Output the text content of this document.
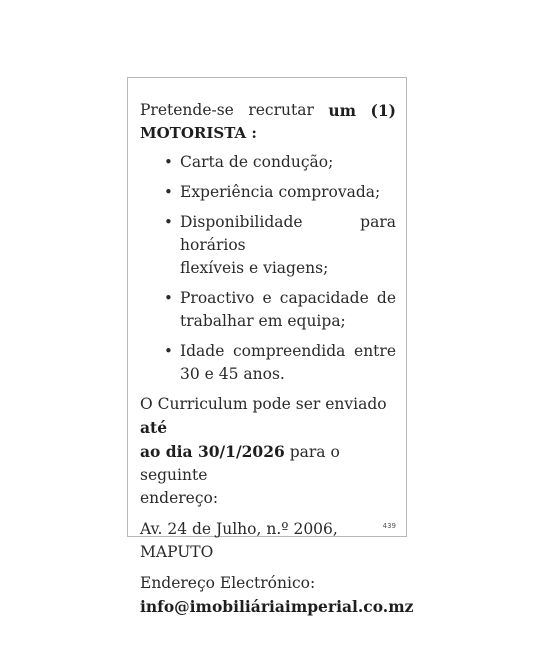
Pretende-se recrutar um (1)

MOTORISTA :

• Carta de condução;
• Experiência comprovada;
• Disponibilidade para horários
flexíveis e viagens;
• Proactivo e capacidade de
trabalhar em equipa;
• Idade compreendida entre
30 e 45 anos.

O Curriculum pode ser enviado até
ao dia 30/1/2026 para o seguinte
endereço:

Av. 24 de Julho, n.º 2006, MAPUTO

Endereço Electrónico:

info@imobiliáriaimperial.co.mz

439
